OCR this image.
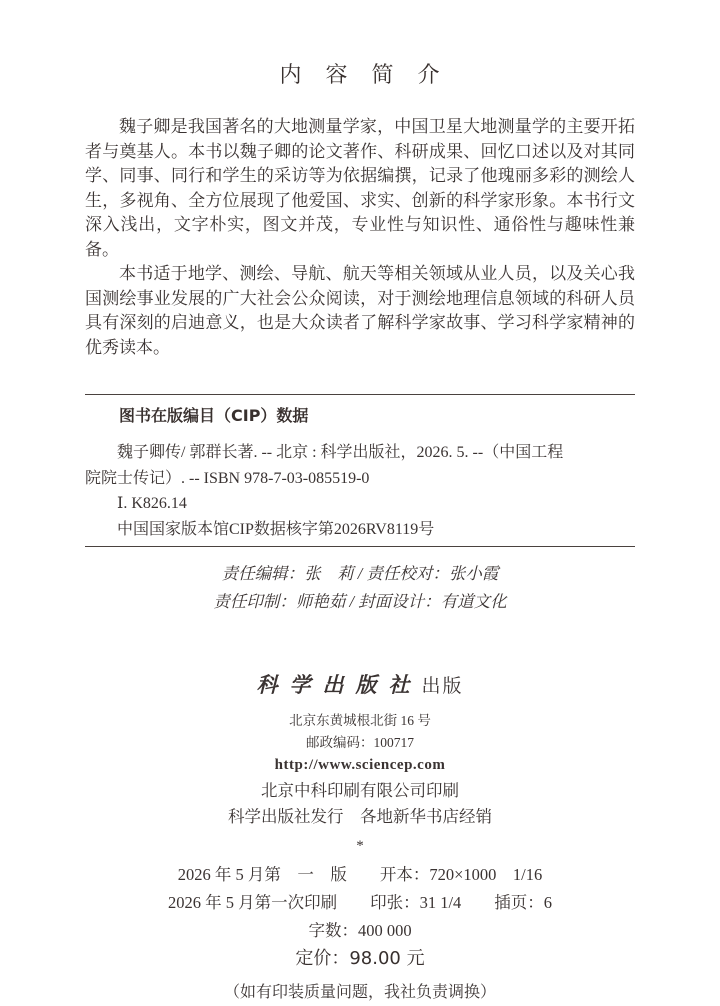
内　容　简　介

魏子卿是我国著名的大地测量学家，中国卫星大地测量学的主要开拓者与奠基人。本书以魏子卿的论文著作、科研成果、回忆口述以及对其同学、同事、同行和学生的采访等为依据编撰，记录了他瑰丽多彩的测绘人生，多视角、全方位展现了他爱国、求实、创新的科学家形象。本书行文深入浅出，文字朴实，图文并茂，专业性与知识性、通俗性与趣味性兼备。

本书适于地学、测绘、导航、航天等相关领域从业人员，以及关心我国测绘事业发展的广大社会公众阅读，对于测绘地理信息领域的科研人员具有深刻的启迪意义，也是大众读者了解科学家故事、学习科学家精神的优秀读本。

图书在版编目（CIP）数据

魏子卿传/ 郭群长著. -- 北京 : 科学出版社，2026. 5. --（中国工程

院院士传记）. -- ISBN 978-7-03-085519-0

Ⅰ. K826.14

中国国家版本馆CIP数据核字第2026RV8119号

责任编辑：张　莉 / 责任校对：张小霞

责任印制：师艳茹 / 封面设计：有道文化

科学出版社出版

北京东黄城根北街 16 号

邮政编码：100717

http://www.sciencep.com

北京中科印刷有限公司印刷

科学出版社发行　各地新华书店经销

*

2026 年 5 月第　一　版　　开本：720×1000　1/16

2026 年 5 月第一次印刷　　印张：31 1/4　　插页：6

字数：400 000

定价：98.00 元

（如有印装质量问题，我社负责调换）
